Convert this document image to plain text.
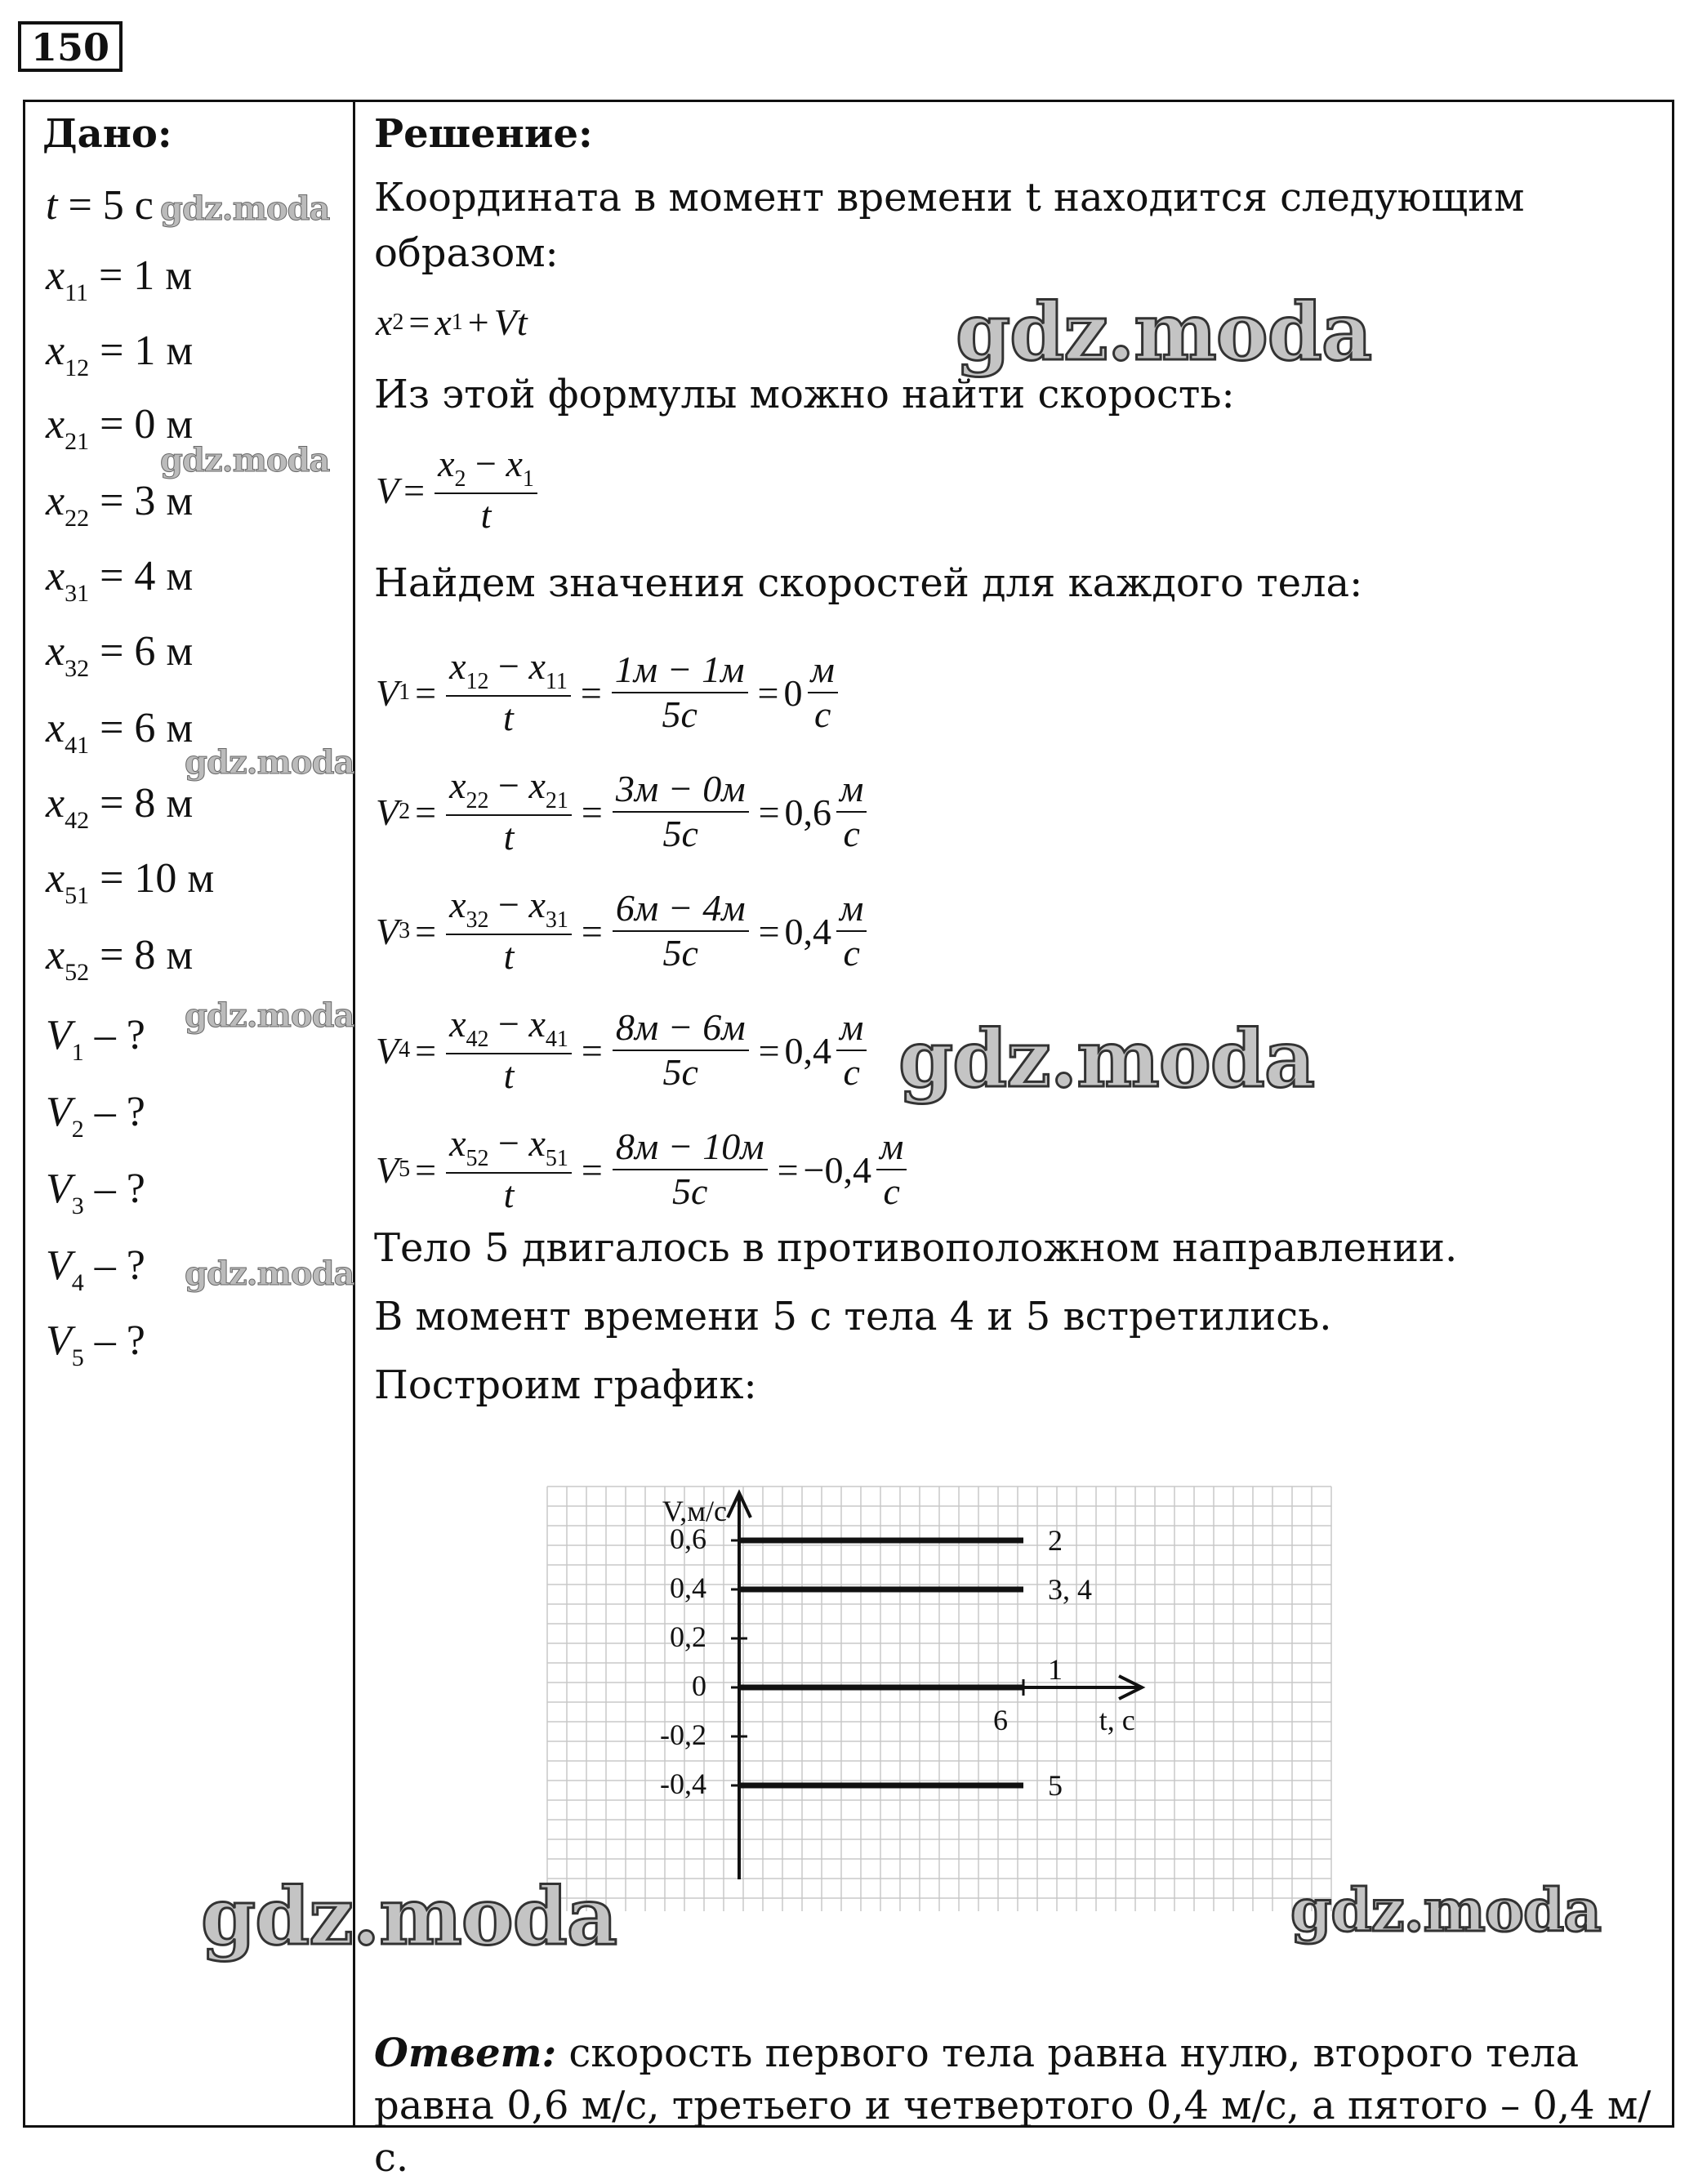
150
Дано:
t = 5 с
$x_{11} = 1$ м
$x_{12} = 1$ м
$x_{21} = 0$ м
$x_{22} = 3$ м
$x_{31} = 4$ м
$x_{32} = 6$ м
$x_{41} = 6$ м
$x_{42} = 8$ м
$x_{51} = 10$ м
$x_{52} = 8$ м
$V_1$ – ?
$V_2$ – ?
$V_3$ – ?
$V_4$ – ?
$V_5$ – ?
Решение:
Координата в момент времени t находится следующим
образом:
x 2 = x 1 + Vt
Из этой формулы можно найти скорость:
$V = \frac{x_2 - x_1}{t}$
Найдем значения скоростей для каждого тела:
V $1 = \frac{x_{12} - x_{11}}{t} = \frac{1м - 1м}{5с} = 0 \frac{м}{с}$
V $2 = \frac{x_{22} - x_{21}}{t} = \frac{3м - 0м}{5с} = 0,6 \frac{м}{с}$
V $3 = \frac{x_{32} - x_{31}}{t} = \frac{6м - 4м}{5с} = 0,4 \frac{м}{с}$
V $4 = \frac{x_{42} - x_{41}}{t} = \frac{8м - 6м}{5с} = 0,4 \frac{м}{с}$
V $5 = \frac{x_{52} - x_{51}}{t} = \frac{8м - 10м}{5с} = -0,4 \frac{м}{с}$
Тело 5 двигалось в противоположном направлении.
В момент времени 5 с тела 4 и 5 встретились.
Построим график:
0,6
0,4
0,2
0
-0,2
-0,4
6
V,м/с
t, с
2
3, 4
1
5
Ответ: скорость первого тела равна нулю, второго тела равна 0,6 м/с, третьего и четвертого 0,4 м/с, а пятого – 0,4 м/с.
gdz.moda
gdz.moda
gdz.moda
gdz.moda
gdz.moda
gdz.moda
gdz.moda
gdz.moda	gdz.moda
